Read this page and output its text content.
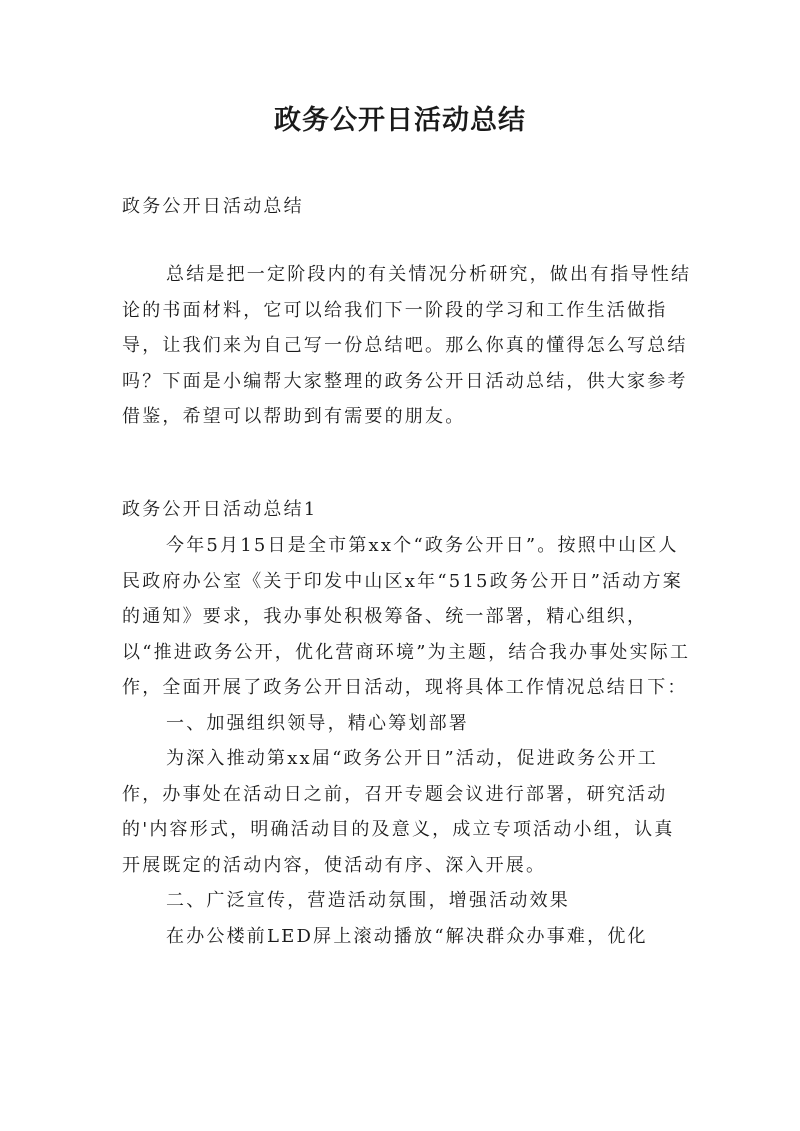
政务公开日活动总结

政务公开日活动总结

总结是把一定阶段内的有关情况分析研究，做出有指导性结论的书面材料，它可以给我们下一阶段的学习和工作生活做指导，让我们来为自己写一份总结吧。那么你真的懂得怎么写总结吗？下面是小编帮大家整理的政务公开日活动总结，供大家参考借鉴，希望可以帮助到有需要的朋友。

政务公开日活动总结1

今年5月15日是全市第xx个“政务公开日”。按照中山区人民政府办公室《关于印发中山区x年“515政务公开日”活动方案的通知》要求，我办事处积极筹备、统一部署，精心组织，以“推进政务公开，优化营商环境”为主题，结合我办事处实际工作，全面开展了政务公开日活动，现将具体工作情况总结日下：

一、加强组织领导，精心筹划部署

为深入推动第xx届“政务公开日”活动，促进政务公开工作，办事处在活动日之前，召开专题会议进行部署，研究活动的'内容形式，明确活动目的及意义，成立专项活动小组，认真开展既定的活动内容，使活动有序、深入开展。

二、广泛宣传，营造活动氛围，增强活动效果

在办公楼前LED屏上滚动播放“解决群众办事难，优化
